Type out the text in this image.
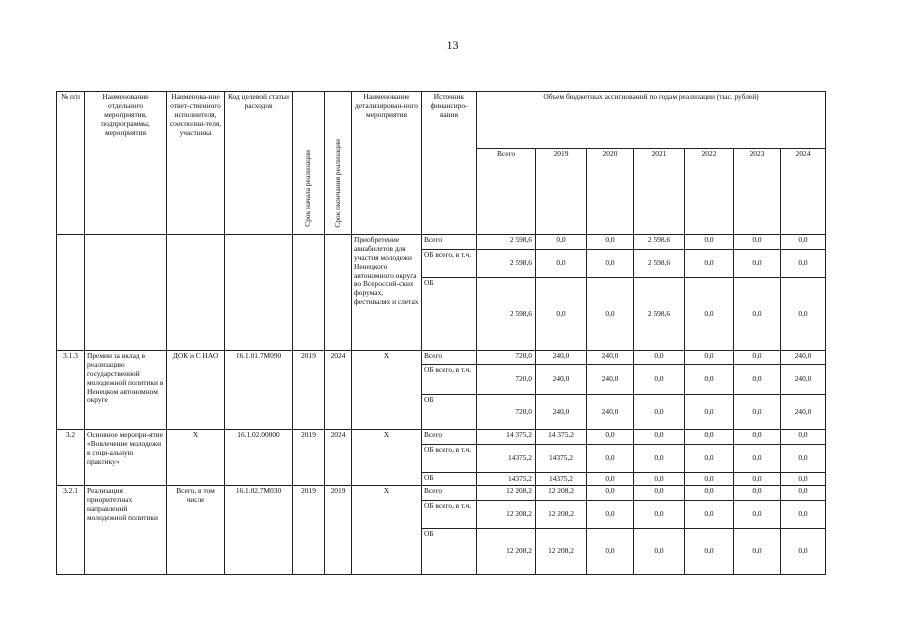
13
№ п/п	Наименование отдельного мероприятия, подпрограммы, мероприятия	Наименова-ние ответ-ственного исполнителя, соисполни-теля, участника	Код целевой статьи расходов	Срок начала реализации	Срок окончания реализации	Наименование детализирован-ного мероприятия	Источник финансиро-вания	Объем бюджетных ассигнований по годам реализации (тыс. рублей)						
								Всего	2019	2020	2021	2022	2023	2024
						Приобретение авиабилетов для участия молодежи Ненецкого автономного округа во Всероссий-ских форумах, фестивалях и слетах	Всего	2 598,6	0,0	0,0	2 598,6	0,0	0,0	0,0
							ОБ всего, в т.ч.	2 598,6	0,0	0,0	2 598,6	0,0	0,0	0,0
							ОБ	2 598,6	0,0	0,0	2 598,6	0,0	0,0	0,0
3.1.3	Премии за вклад в реализацию государственной молодежной политики в Ненецком автономном округе	ДОК и С НАО	16.1.01.7М090	2019	2024	Х	Всего	720,0	240,0	240,0	0,0	0,0	0,0	240,0
							ОБ всего, в т.ч.	720,0	240,0	240,0	0,0	0,0	0,0	240,0
							ОБ	720,0	240,0	240,0	0,0	0,0	0,0	240,0
3.2	Основное меропри-ятие «Вовлечение молодежи в соци-альную практику»	Х	16.1.02.00000	2019	2024	Х	Всего	14 375,2	14 375,2	0,0	0,0	0,0	0,0	0,0
							ОБ всего, в т.ч.	14375,2	14375,2	0,0	0,0	0,0	0,0	0,0
							ОБ	14375,2	14375,2	0,0	0,0	0,0	0,0	0,0
3.2.1	Реализация приоритетных направлений молодежной политики	Всего, в том числе	16.1.02.7М030	2019	2019	Х	Всего	12 208,2	12 208,2	0,0	0,0	0,0	0,0	0,0
							ОБ всего, в т.ч.	12 208,2	12 208,2	0,0	0,0	0,0	0,0	0,0
							ОБ	12 208,2	12 208,2	0,0	0,0	0,0	0,0	0,0
